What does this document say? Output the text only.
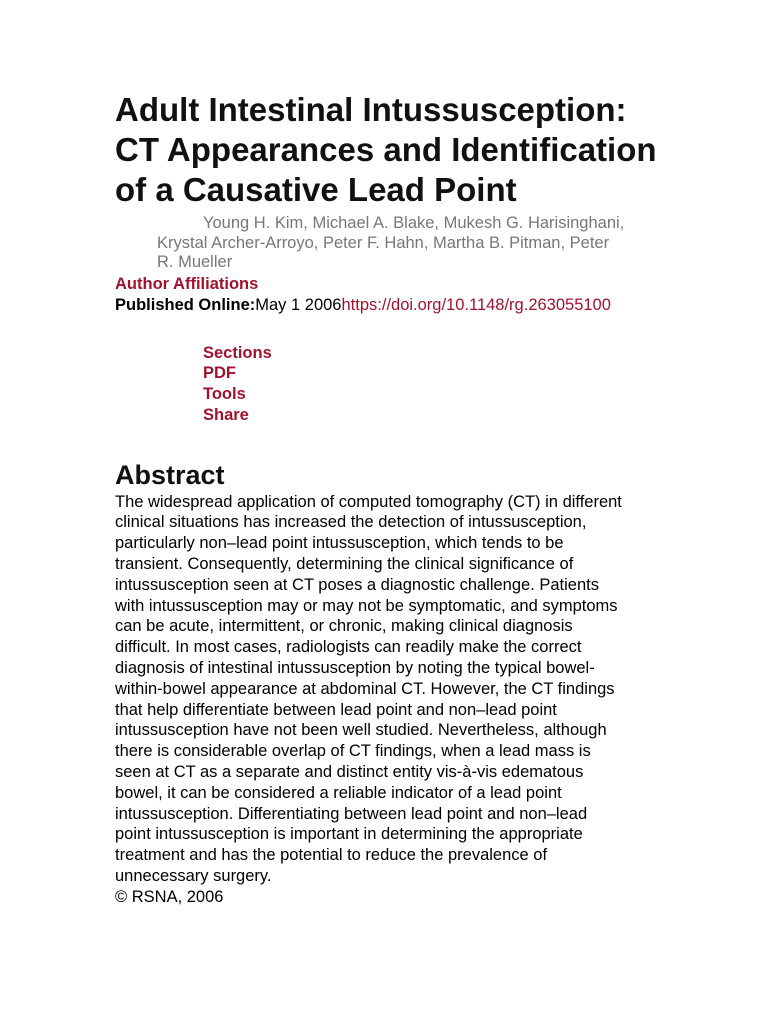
Adult Intestinal Intussusception:
CT Appearances and Identification
of a Causative Lead Point
Young H. Kim, Michael A. Blake, Mukesh G. Harisinghani,
Krystal Archer-Arroyo, Peter F. Hahn, Martha B. Pitman, Peter
R. Mueller
Author Affiliations
Published Online:May 1 2006https://doi.org/10.1148/rg.263055100
Sections
PDF
Tools
Share
Abstract
The widespread application of computed tomography (CT) in different
clinical situations has increased the detection of intussusception,
particularly non–lead point intussusception, which tends to be
transient. Consequently, determining the clinical significance of
intussusception seen at CT poses a diagnostic challenge. Patients
with intussusception may or may not be symptomatic, and symptoms
can be acute, intermittent, or chronic, making clinical diagnosis
difficult. In most cases, radiologists can readily make the correct
diagnosis of intestinal intussusception by noting the typical bowel-
within-bowel appearance at abdominal CT. However, the CT findings
that help differentiate between lead point and non–lead point
intussusception have not been well studied. Nevertheless, although
there is considerable overlap of CT findings, when a lead mass is
seen at CT as a separate and distinct entity vis-à-vis edematous
bowel, it can be considered a reliable indicator of a lead point
intussusception. Differentiating between lead point and non–lead
point intussusception is important in determining the appropriate
treatment and has the potential to reduce the prevalence of
unnecessary surgery.
© RSNA, 2006
